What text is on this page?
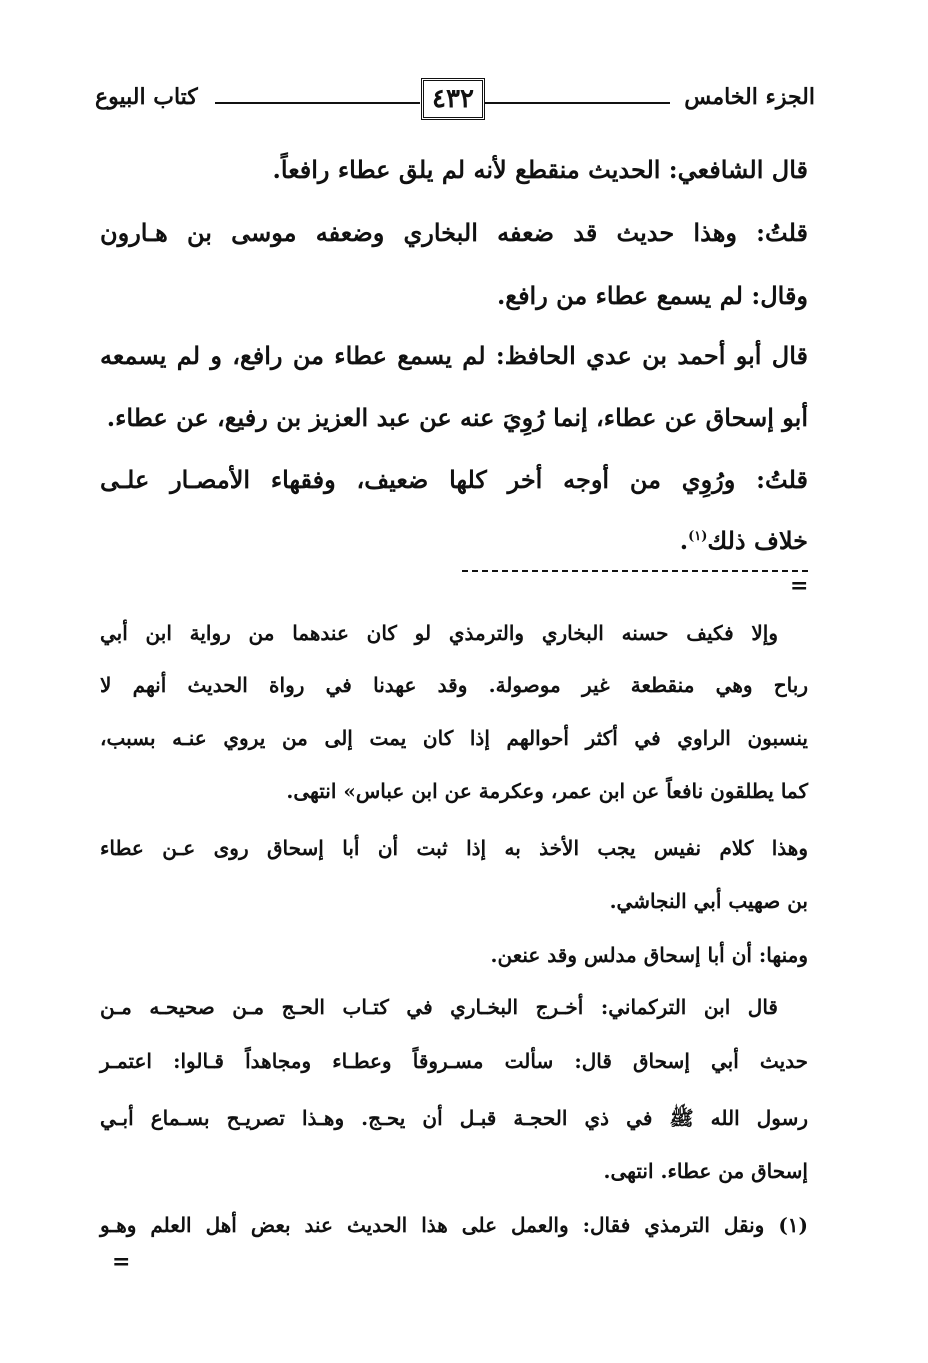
الجزء الخامس
٤٣٢
كتاب البيوع
قال الشافعي: الحديث منقطع لأنه لم يلق عطاء رافعاً.
قلتُ: وهذا حديث قد ضعفه البخاري وضعفه موسى بن هـارون
وقال: لم يسمع عطاء من رافع.
قال أبو أحمد بن عدي الحافظ: لم يسمع عطاء من رافع، و لم يسمعه
أبو إسحاق عن عطاء، إنما رُوِيَ عنه عن عبد العزيز بن رفيع، عن عطاء.
قلتُ: ورُوِي من أوجه أخر كلها ضعيف، وفقهاء الأمصـار علـى
خلاف ذلك$^{(١)}$.
=
وإلا فكيف حسنه البخاري والترمذي لو كان عندهما من رواية ابن أبي
رباح وهي منقطعة غير موصولة. وقد عهدنا في رواة الحديث أنهم لا
ينسبون الراوي في أكثر أحوالهم إذا كان يمت إلى من يروي عنـه بسبب،
كما يطلقون نافعاً عن ابن عمر، وعكرمة عن ابن عباس» انتهى.
وهذا كلام نفيس يجب الأخذ به إذا ثبت أن أبا إسحاق روى عـن عطاء
بن صهيب أبي النجاشي.
ومنها: أن أبا إسحاق مدلس وقد عنعن.
قال ابن التركماني: أخـرج البخـاري في كتـاب الحـج مـن صحيحـه مـن
حديث أبي إسحاق قال: سألت مسـروقاً وعطـاء ومجاهداً قـالوا: اعتمـر
رسول الله ﷺ في ذي الحجـة قبـل أن يحـج. وهـذا تصريـح بسـماع أبـي
إسحاق من عطاء. انتهى.
(١) ونقل الترمذي فقال: والعمل على هذا الحديث عند بعض أهل العلم وهـو
=
